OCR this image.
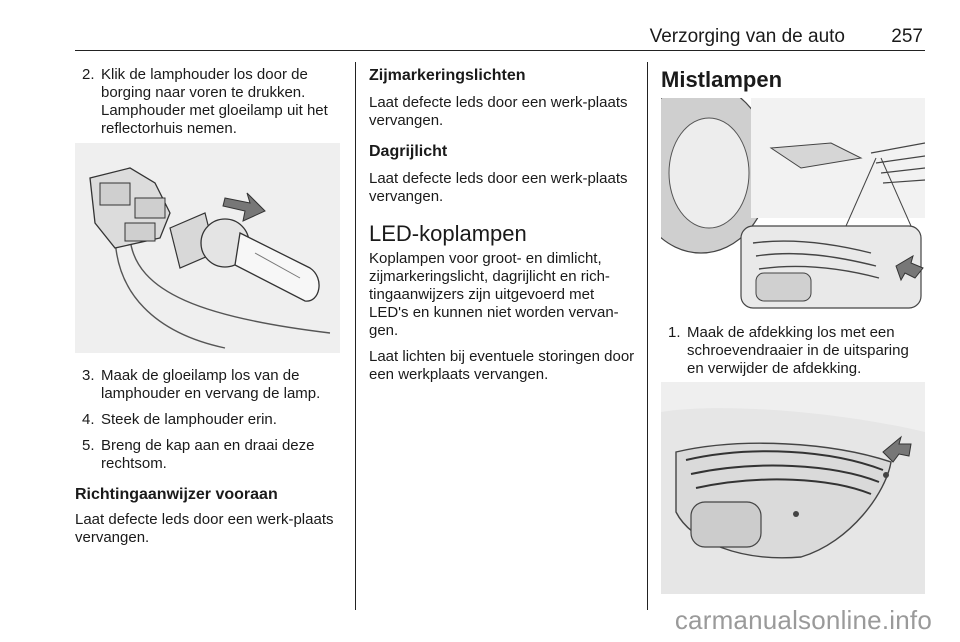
Verzorging van de auto 257
2. Klik de lamphouder los door de borging naar voren te drukken. Lamphouder met gloeilamp uit het reflectorhuis nemen.
3. Maak de gloeilamp los van de lamphouder en vervang de lamp.
4. Steek de lamphouder erin.
5. Breng de kap aan en draai deze rechtsom.

Richtingaanwijzer vooraan

Laat defecte leds door een werk-plaats vervangen.

Zijmarkeringslichten

Laat defecte leds door een werk-plaats vervangen.

Dagrijlicht

Laat defecte leds door een werk-plaats vervangen.

LED-koplampen

Koplampen voor groot- en dimlicht, zijmarkeringslicht, dagrijlicht en rich-tingaanwijzers zijn uitgevoerd met LED's en kunnen niet worden vervan-gen.

Laat lichten bij eventuele storingen door een werkplaats vervangen.

Mistlampen

1. Maak de afdekking los met een schroevendraaier in de uitsparing en verwijder de afdekking.
carmanualsonline.info
